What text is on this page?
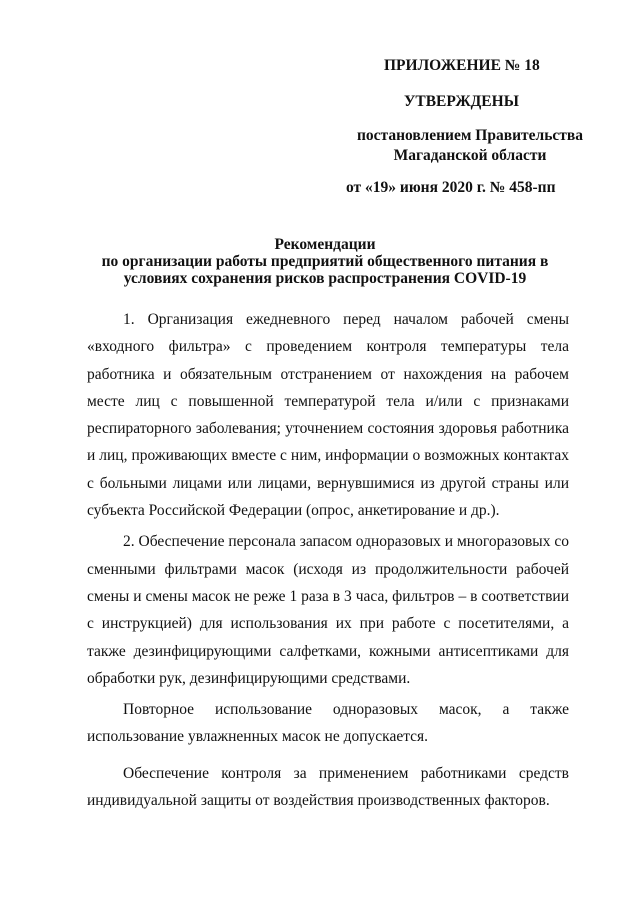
ПРИЛОЖЕНИЕ № 18
УТВЕРЖДЕНЫ
постановлением Правительства
Магаданской области
от «19» июня 2020 г. № 458-пп
Рекомендации
по организации работы предприятий общественного питания в
условиях сохранения рисков распространения COVID-19

1. Организация ежедневного перед началом рабочей смены «входного фильтра» с проведением контроля температуры тела работника и обязательным отстранением от нахождения на рабочем месте лиц с повышенной температурой тела и/или с признаками респираторного заболевания; уточнением состояния здоровья работника и лиц, проживающих вместе с ним, информации о возможных контактах с больными лицами или лицами, вернувшимися из другой страны или субъекта Российской Федерации (опрос, анкетирование и др.).

2. Обеспечение персонала запасом одноразовых и многоразовых со сменными фильтрами масок (исходя из продолжительности рабочей смены и смены масок не реже 1 раза в 3 часа, фильтров – в соответствии с инструкцией) для использования их при работе с посетителями, а также дезинфицирующими салфетками, кожными антисептиками для обработки рук, дезинфицирующими средствами.

Повторное использование одноразовых масок, а также использование увлажненных масок не допускается.

Обеспечение контроля за применением работниками средств индивидуальной защиты от воздействия производственных факторов.
